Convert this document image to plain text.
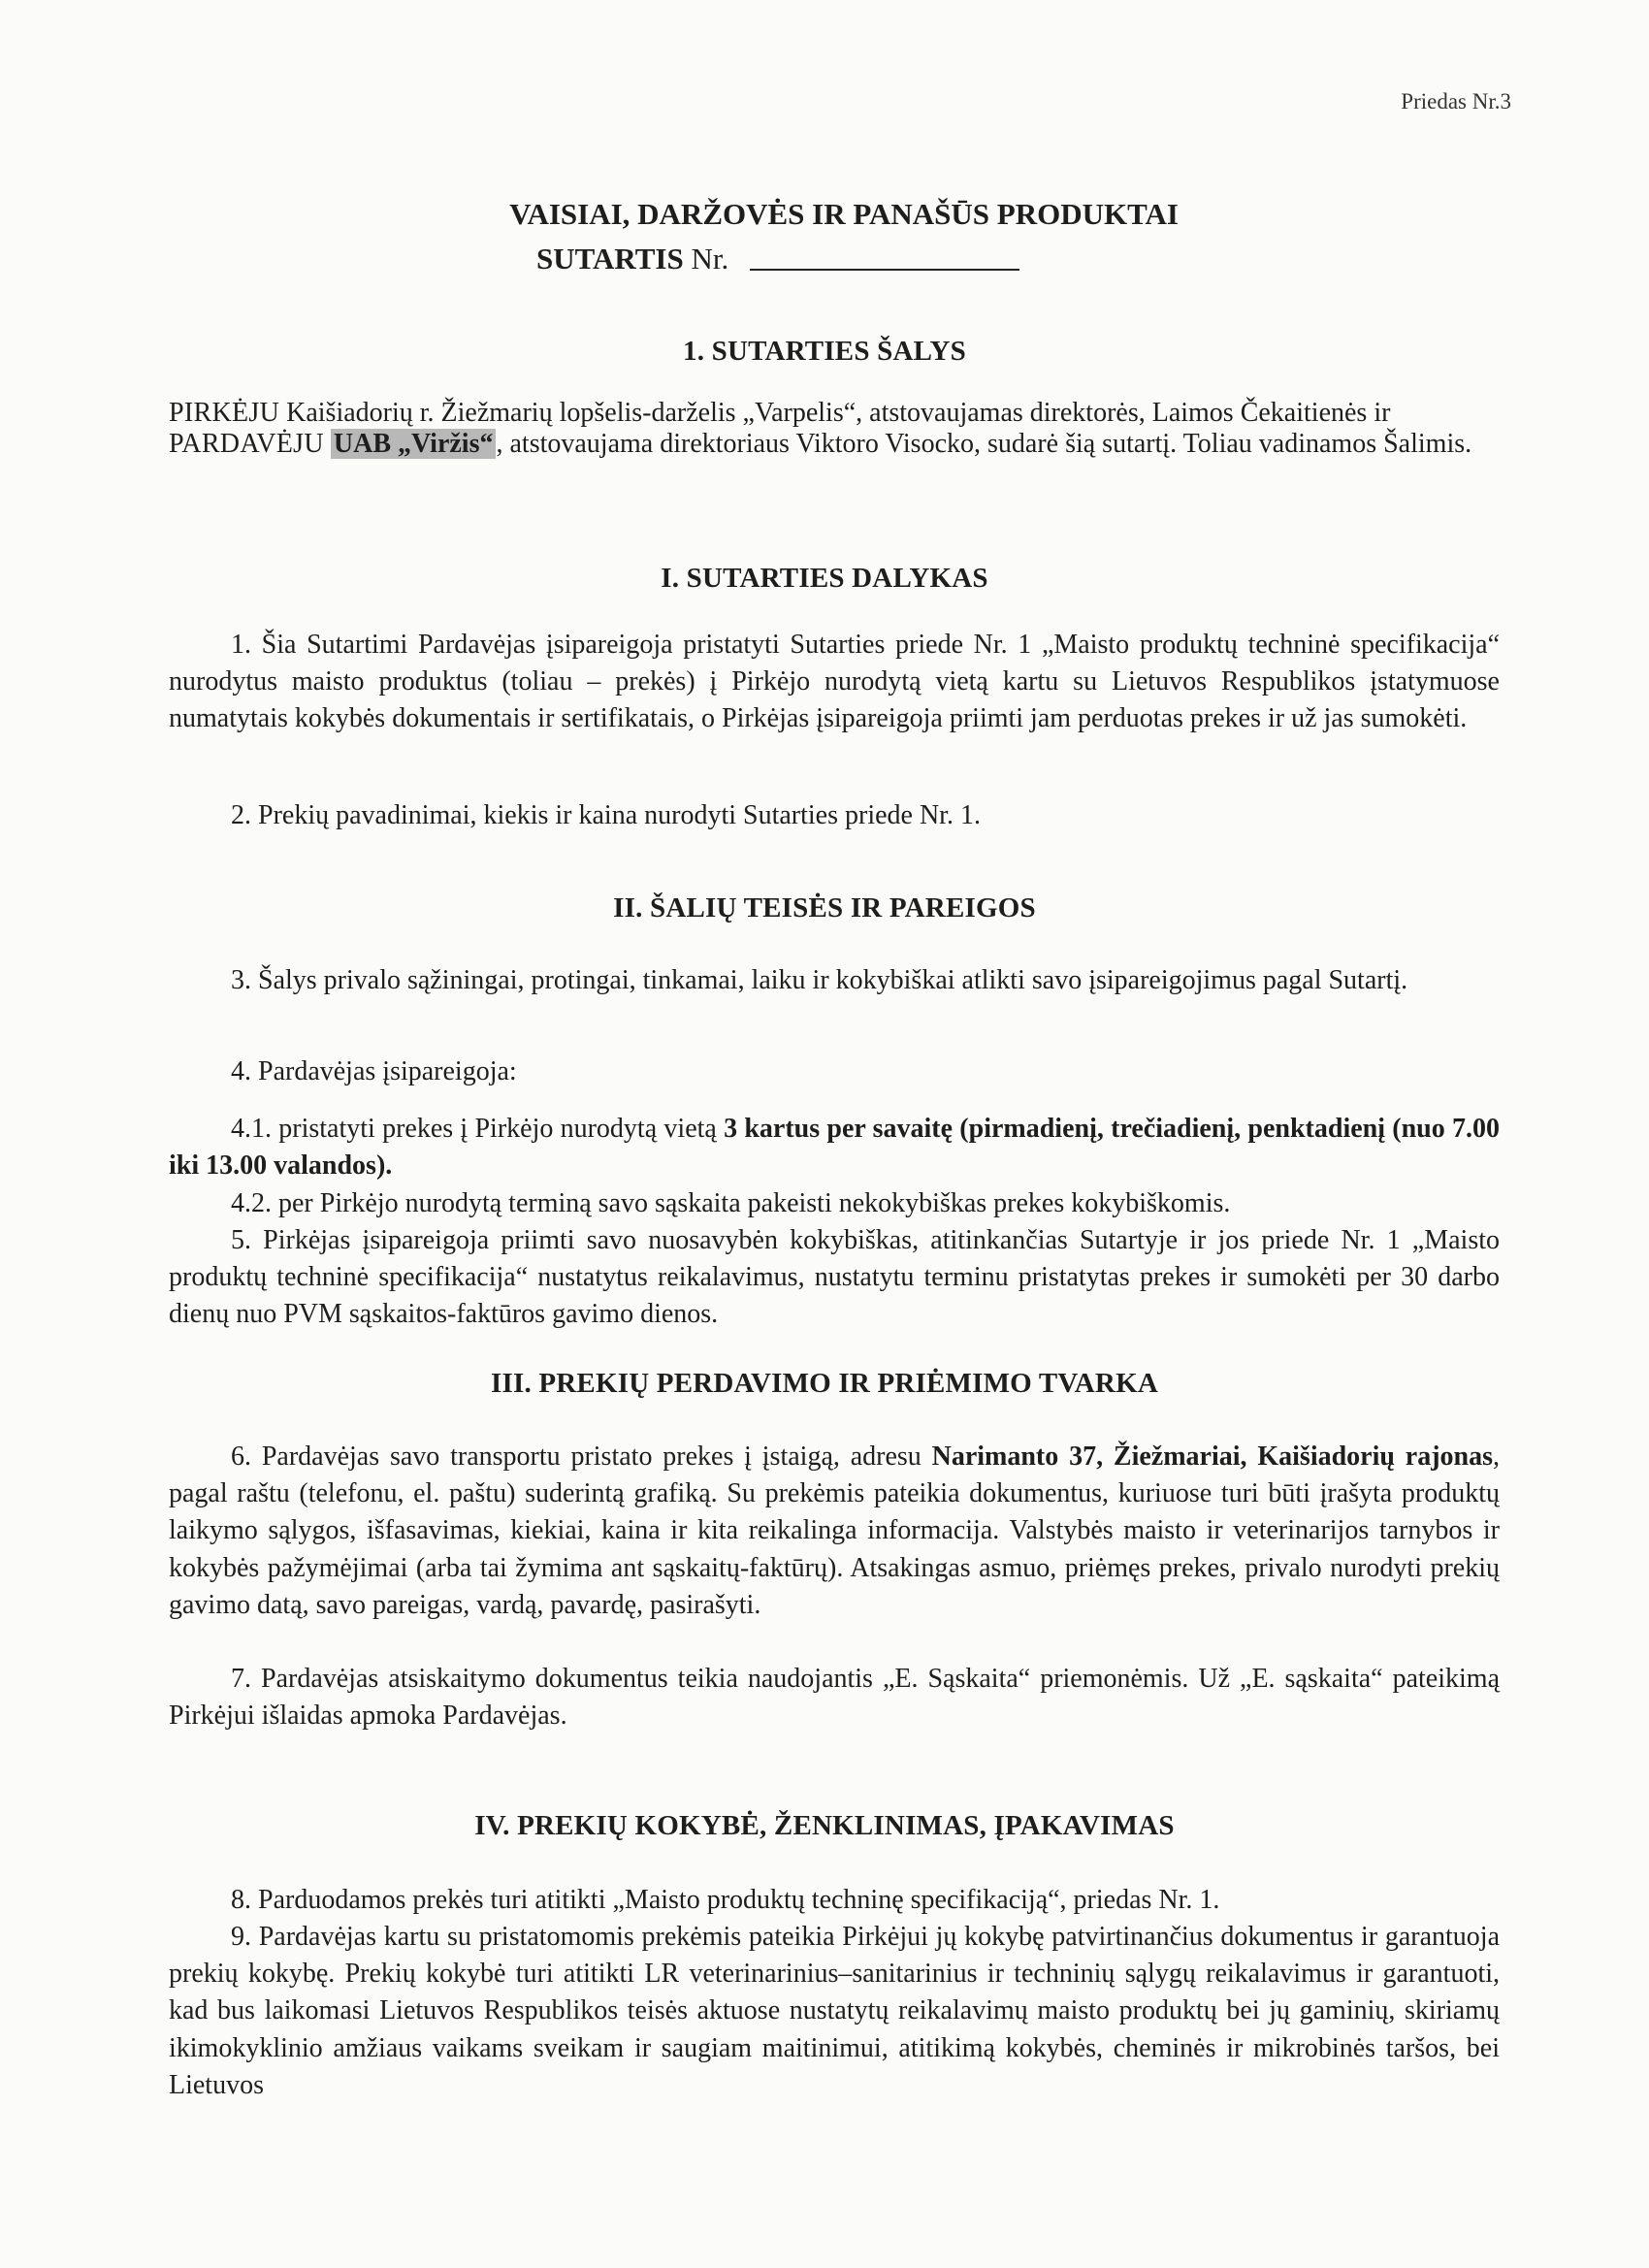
Priedas Nr.3
VAISIAI, DARŽOVĖS IR PANAŠŪS PRODUKTAI
SUTARTIS Nr.
1. SUTARTIES ŠALYS

PIRKĖJU Kaišiadorių r. Žiežmarių lopšelis-darželis „Varpelis“, atstovaujamas direktorės, Laimos Čekaitienės ir
PARDAVĖJU UAB „Viržis“ , atstovaujama direktoriaus Viktoro Visocko, sudarė šią sutartį. Toliau vadinamos Šalimis.

I. SUTARTIES DALYKAS

1. Šia Sutartimi Pardavėjas įsipareigoja pristatyti Sutarties priede Nr. 1 „Maisto produktų techninė specifikacija“ nurodytus maisto produktus (toliau – prekės) į Pirkėjo nurodytą vietą kartu su Lietuvos Respublikos įstatymuose numatytais kokybės dokumentais ir sertifikatais, o Pirkėjas įsipareigoja priimti jam perduotas prekes ir už jas sumokėti.

2. Prekių pavadinimai, kiekis ir kaina nurodyti Sutarties priede Nr. 1.

II. ŠALIŲ TEISĖS IR PAREIGOS

3. Šalys privalo sąžiningai, protingai, tinkamai, laiku ir kokybiškai atlikti savo įsipareigojimus pagal Sutartį.

4. Pardavėjas įsipareigoja:

4.1. pristatyti prekes į Pirkėjo nurodytą vietą 3 kartus per savaitę (pirmadienį, trečiadienį, penktadienį (nuo 7.00 iki 13.00 valandos).

4.2. per Pirkėjo nurodytą terminą savo sąskaita pakeisti nekokybiškas prekes kokybiškomis.

5. Pirkėjas įsipareigoja priimti savo nuosavybėn kokybiškas, atitinkančias Sutartyje ir jos priede Nr. 1 „Maisto produktų techninė specifikacija“ nustatytus reikalavimus, nustatytu terminu pristatytas prekes ir sumokėti per 30 darbo dienų nuo PVM sąskaitos-faktūros gavimo dienos.

III. PREKIŲ PERDAVIMO IR PRIĖMIMO TVARKA

6. Pardavėjas savo transportu pristato prekes į įstaigą, adresu Narimanto 37, Žiežmariai, Kaišiadorių rajonas, pagal raštu (telefonu, el. paštu) suderintą grafiką. Su prekėmis pateikia dokumentus, kuriuose turi būti įrašyta produktų laikymo sąlygos, išfasavimas, kiekiai, kaina ir kita reikalinga informacija. Valstybės maisto ir veterinarijos tarnybos ir kokybės pažymėjimai (arba tai žymima ant sąskaitų-faktūrų). Atsakingas asmuo, priėmęs prekes, privalo nurodyti prekių gavimo datą, savo pareigas, vardą, pavardę, pasirašyti.

7. Pardavėjas atsiskaitymo dokumentus teikia naudojantis „E. Sąskaita“ priemonėmis. Už „E. sąskaita“ pateikimą Pirkėjui išlaidas apmoka Pardavėjas.

IV. PREKIŲ KOKYBĖ, ŽENKLINIMAS, ĮPAKAVIMAS

8. Parduodamos prekės turi atitikti „Maisto produktų techninę specifikaciją“, priedas Nr. 1.

9. Pardavėjas kartu su pristatomomis prekėmis pateikia Pirkėjui jų kokybę patvirtinančius dokumentus ir garantuoja prekių kokybę. Prekių kokybė turi atitikti LR veterinarinius–sanitarinius ir techninių sąlygų reikalavimus ir garantuoti, kad bus laikomasi Lietuvos Respublikos teisės aktuose nustatytų reikalavimų maisto produktų bei jų gaminių, skiriamų ikimokyklinio amžiaus vaikams sveikam ir saugiam maitinimui, atitikimą kokybės, cheminės ir mikrobinės taršos, bei Lietuvos
